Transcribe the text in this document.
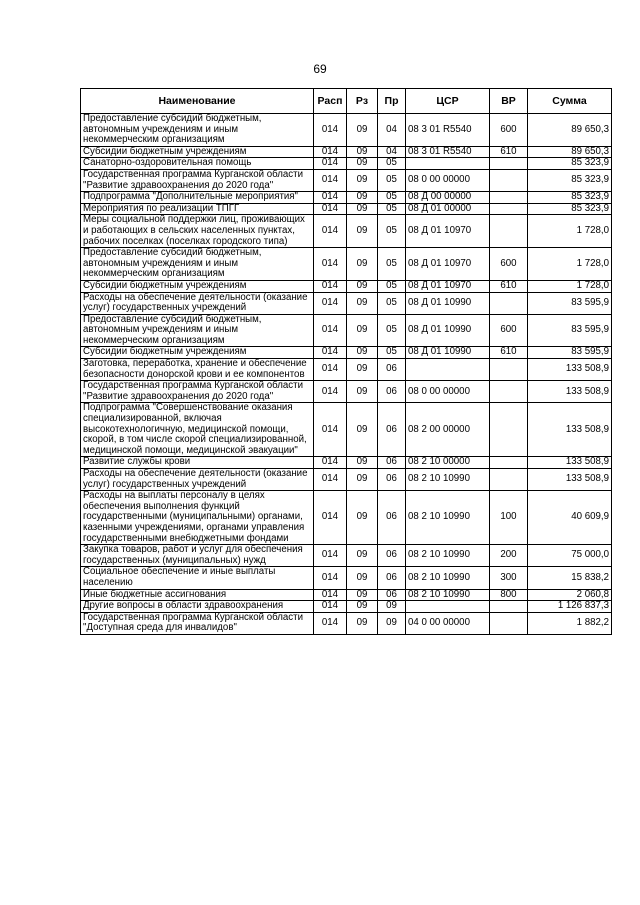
69
Наименование	Расп	Рз	Пр	ЦСР	ВР	Сумма
Предоставление субсидий бюджетным, автономным учреждениям и иным некоммерческим организациям	014	09	04	08 3 01 R5540	600	89 650,3
Субсидии бюджетным учреждениям	014	09	04	08 3 01 R5540	610	89 650,3
Санаторно-оздоровительная помощь	014	09	05			85 323,9
Государственная программа Курганской области "Развитие здравоохранения до 2020 года"	014	09	05	08 0 00 00000		85 323,9
Подпрограмма "Дополнительные мероприятия"	014	09	05	08 Д 00 00000		85 323,9
Мероприятия по реализации ТПГГ	014	09	05	08 Д 01 00000		85 323,9
Меры социальной поддержки лиц, проживающих и работающих в сельских населенных пунктах, рабочих поселках (поселках городского типа)	014	09	05	08 Д 01 10970		1 728,0
Предоставление субсидий бюджетным, автономным учреждениям и иным некоммерческим организациям	014	09	05	08 Д 01 10970	600	1 728,0
Субсидии бюджетным учреждениям	014	09	05	08 Д 01 10970	610	1 728,0
Расходы на обеспечение деятельности (оказание услуг) государственных учреждений	014	09	05	08 Д 01 10990		83 595,9
Предоставление субсидий бюджетным, автономным учреждениям и иным некоммерческим организациям	014	09	05	08 Д 01 10990	600	83 595,9
Субсидии бюджетным учреждениям	014	09	05	08 Д 01 10990	610	83 595,9
Заготовка, переработка, хранение и обеспечение безопасности донорской крови и ее компонентов	014	09	06			133 508,9
Государственная программа Курганской области "Развитие здравоохранения до 2020 года"	014	09	06	08 0 00 00000		133 508,9
Подпрограмма "Совершенствование оказания специализированной, включая высокотехнологичную, медицинской помощи, скорой, в том числе скорой специализированной, медицинской помощи, медицинской эвакуации"	014	09	06	08 2 00 00000		133 508,9
Развитие службы крови	014	09	06	08 2 10 00000		133 508,9
Расходы на обеспечение деятельности (оказание услуг) государственных учреждений	014	09	06	08 2 10 10990		133 508,9
Расходы на выплаты персоналу в целях обеспечения выполнения функций государственными (муниципальными) органами, казенными учреждениями, органами управления государственными внебюджетными фондами	014	09	06	08 2 10 10990	100	40 609,9
Закупка товаров, работ и услуг для обеспечения государственных (муниципальных) нужд	014	09	06	08 2 10 10990	200	75 000,0
Социальное обеспечение и иные выплаты населению	014	09	06	08 2 10 10990	300	15 838,2
Иные бюджетные ассигнования	014	09	06	08 2 10 10990	800	2 060,8
Другие вопросы в области здравоохранения	014	09	09			1 126 837,3
Государственная программа Курганской области "Доступная среда для инвалидов"	014	09	09	04 0 00 00000		1 882,2
